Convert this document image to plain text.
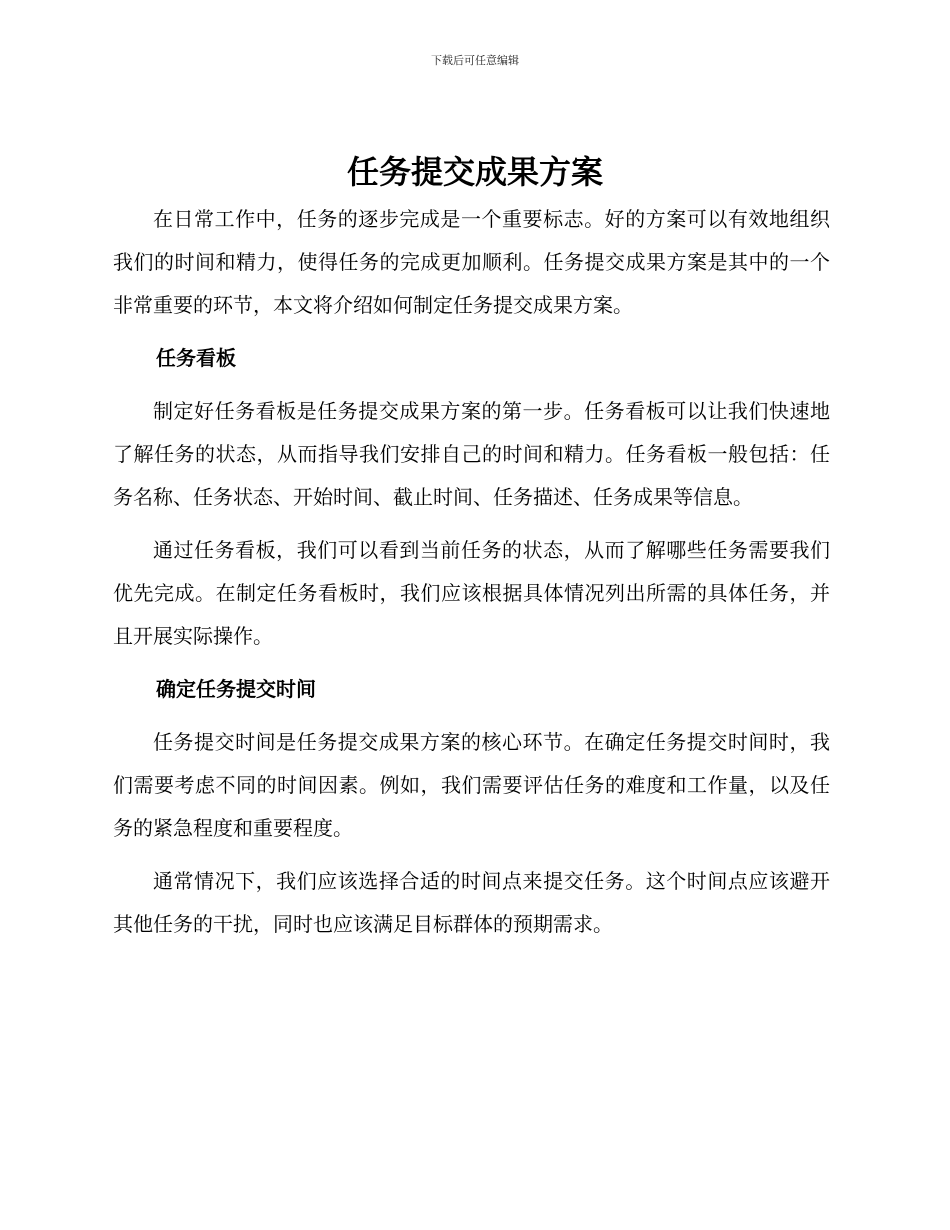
下载后可任意编辑
任务提交成果方案

在日常工作中，任务的逐步完成是一个重要标志。好的方案可以有效地组织我们的时间和精力，使得任务的完成更加顺利。任务提交成果方案是其中的一个非常重要的环节，本文将介绍如何制定任务提交成果方案。

任务看板

制定好任务看板是任务提交成果方案的第一步。任务看板可以让我们快速地了解任务的状态，从而指导我们安排自己的时间和精力。任务看板一般包括：任务名称、任务状态、开始时间、截止时间、任务描述、任务成果等信息。

通过任务看板，我们可以看到当前任务的状态，从而了解哪些任务需要我们优先完成。在制定任务看板时，我们应该根据具体情况列出所需的具体任务，并且开展实际操作。

确定任务提交时间

任务提交时间是任务提交成果方案的核心环节。在确定任务提交时间时，我们需要考虑不同的时间因素。例如，我们需要评估任务的难度和工作量，以及任务的紧急程度和重要程度。

通常情况下，我们应该选择合适的时间点来提交任务。这个时间点应该避开其他任务的干扰，同时也应该满足目标群体的预期需求。
